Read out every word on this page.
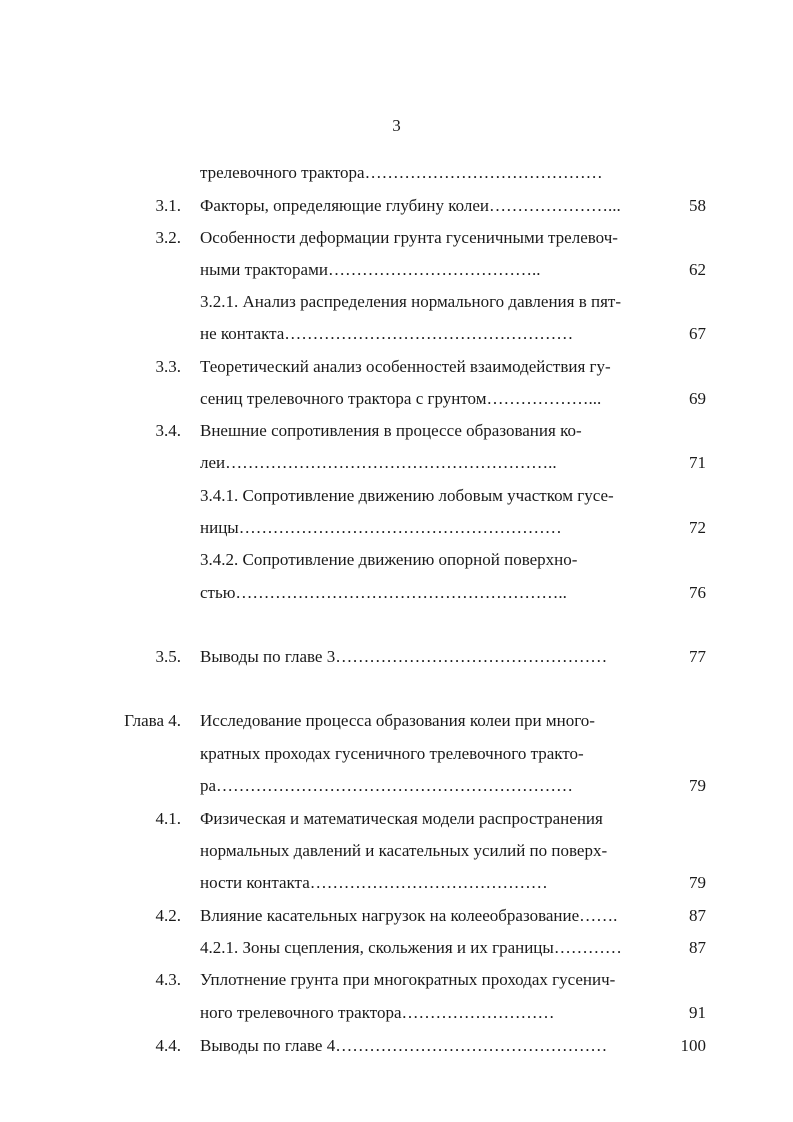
3
трелевочного трактора……………………………………
3.1. Факторы, определяющие глубину колеи…………………...	58
3.2. Особенности деформации грунта гусеничными трелевоч-
ными тракторами………………………………..	62
3.2.1. Анализ распределения нормального давления в пят-
не контакта……………………………………………	67
3.3. Теоретический анализ особенностей взаимодействия гу-
сениц трелевочного трактора с грунтом………………...	69
3.4. Внешние сопротивления в процессе образования ко-
леи…………………………………………………..	71
3.4.1. Сопротивление движению лобовым участком гусе-
ницы…………………………………………………	72
3.4.2. Сопротивление движению опорной поверхно-
стью…………………………………………………..	76
3.5. Выводы по главе 3…………………………………………	77
Глава 4. Исследование процесса образования колеи при много-
кратных проходах гусеничного трелевочного тракто-
ра………………………………………………………	79
4.1. Физическая и математическая модели распространения
нормальных давлений и касательных усилий по поверх-
ности контакта……………………………………	79
4.2. Влияние касательных нагрузок на колееобразование…….	87
4.2.1. Зоны сцепления, скольжения и их границы…………	87
4.3. Уплотнение грунта при многократных проходах гусенич-
ного трелевочного трактора………………………	91
4.4. Выводы по главе 4…………………………………………	100
